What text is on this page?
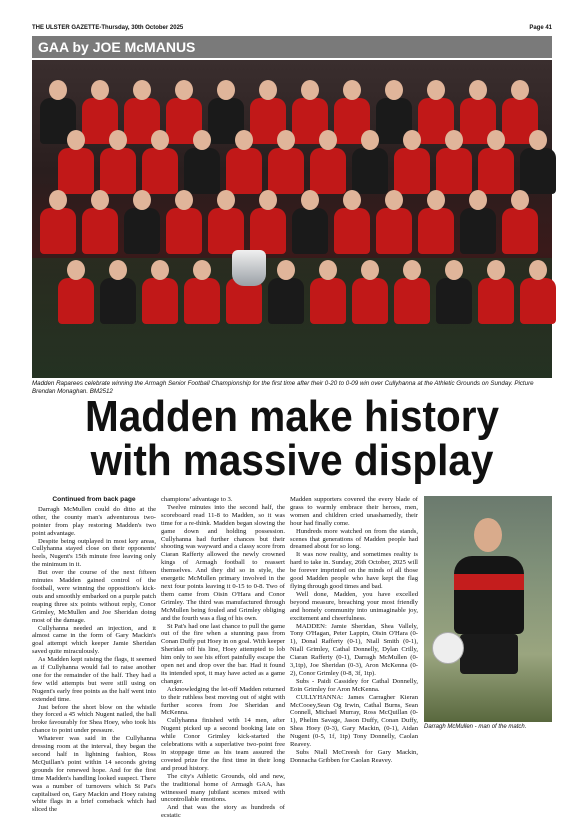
THE ULSTER GAZETTE-Thursday, 30th October 2025	Page 41
GAA by JOE McMANUS
Madden Raparees celebrate winning the Armagh Senior Football Championship for the first time after their 0-20 to 0-09 win over Cullyhanna at the Athletic Grounds on Sunday. Picture Brendan Monaghan. BM2512
Madden make history
with massive display

Continued from back page

Darragh McMullen could do ditto at the other, the county man's adventurous two-pointer from play restoring Madden's two point advantage.

Despite being outplayed in most key areas, Cullyhanna stayed close on their opponents' heels, Nugent's 15th minute free leaving only the minimum in it.

But over the course of the next fifteen minutes Madden gained control of the football, were winning the opposition's kick-outs and smoothly embarked on a purple patch reaping three six points without reply, Conor Grimley, McMullen and Joe Sheridan doing most of the damage.

Cullyhanna needed an injection, and it almost came in the form of Gary Mackin's goal attempt which keeper Jamie Sheridan saved quite miraculously.

As Madden kept raising the flags, it seemed as if Cullyhanna would fail to raise another one for the remainder of the half. They had a few wild attempts but were still using on Nugent's early free points as the half went into extended time.

Just before the short blow on the whistle they forced a 45 which Nugent nailed, the ball broke favourably for Shea Hoey, who took his chance to point under pressure.

Whatever was said in the Cullyhanna dressing room at the interval, they began the second half in lightning fashion, Ross McQuillan's point within 14 seconds giving grounds for renewed hope. And for the first time Madden's handling looked suspect. There was a number of turnovers which St Pat's capitalised on, Gary Mackin and Hoey raising white flags in a brief comeback which had sliced the

champions' advantage to 3.

Twelve minutes into the second half, the scoreboard read 11-8 to Madden, so it was time for a re-think. Madden began slowing the game down and holding possession. Cullyhanna had further chances but their shooting was wayward and a classy score from Ciaran Rafferty allowed the newly crowned kings of Armagh football to reassert themselves. And they did so in style, the energetic McMullen primary involved in the next four points leaving it 0-15 to 0-8. Two of them came from Oisin O'Hara and Conor Grimley. The third was manufactured through McMullen being fouled and Grimley obliging and the fourth was a flag of his own.

St Pat's had one last chance to pull the game out of the fire when a stunning pass from Conan Duffy put Hoey in on goal. With keeper Sheridan off his line, Hoey attempted to lob him only to see his effort painfully escape the open net and drop over the bar. Had it found its intended spot, it may have acted as a game changer.

Acknowledging the let-off Madden returned to their ruthless best moving out of sight with further scores from Joe Sheridan and McKenna.

Cullyhanna finished with 14 men, after Nugent picked up a second booking late on while Conor Grimley kick-started the celebrations with a superlative two-point free in stoppage time as his team assured the coveted prize for the first time in their long and proud history.

The city's Athletic Grounds, old and new, the traditional home of Armagh GAA, has witnessed many jubilant scenes mixed with uncontrollable emotions.

And that was the story as hundreds of ecstatic

Madden supporters covered the every blade of grass to warmly embrace their heroes, men, women and children cried unashamedly, their hour had finally come.

Hundreds more watched on from the stands, scenes that generations of Madden people had dreamed about for so long.

It was now reality, and sometimes reality is hard to take in. Sunday, 26th October, 2025 will be forever imprinted on the minds of all those good Madden people who have kept the flag flying through good times and bad.

Well done, Madden, you have excelled beyond measure, breaching your most friendly and homely community into unimaginable joy, excitement and cheerfulness.

MADDEN: Jamie Sheridan, Shea Vallely, Tony O'Hagan, Peter Lappin, Oisin O'Hara (0-1), Donal Rafferty (0-1), Niall Smith (0-1), Niall Grimley, Cathal Donnelly, Dylan Crilly, Ciaran Rafferty (0-1), Darragh McMullen (0-3,1tp), Joe Sheridan (0-3), Aron McKenna (0-2), Conor Grimley (0-8, 3f, 1tp).

Subs - Paidi Cassidey for Cathal Donnelly, Eoin Grimley for Aron McKenna.

CULLYHANNA: James Carragher Kieran McCooey,Sean Og Irwin, Cathal Burns, Sean Connell, Michael Murray, Ross McQuillan (0-1), Phelim Savage, Jason Duffy, Conan Duffy, Shea Hoey (0-3), Gary Mackin, (0-1), Aidan Nugent (0-5, 1f, 1tp) Tony Donnelly, Caolan Reavey.

Subs Niall McCreesh for Gary Mackin, Donnacha Gribben for Caolan Reavey.

Darragh McMullen - man of the match.
